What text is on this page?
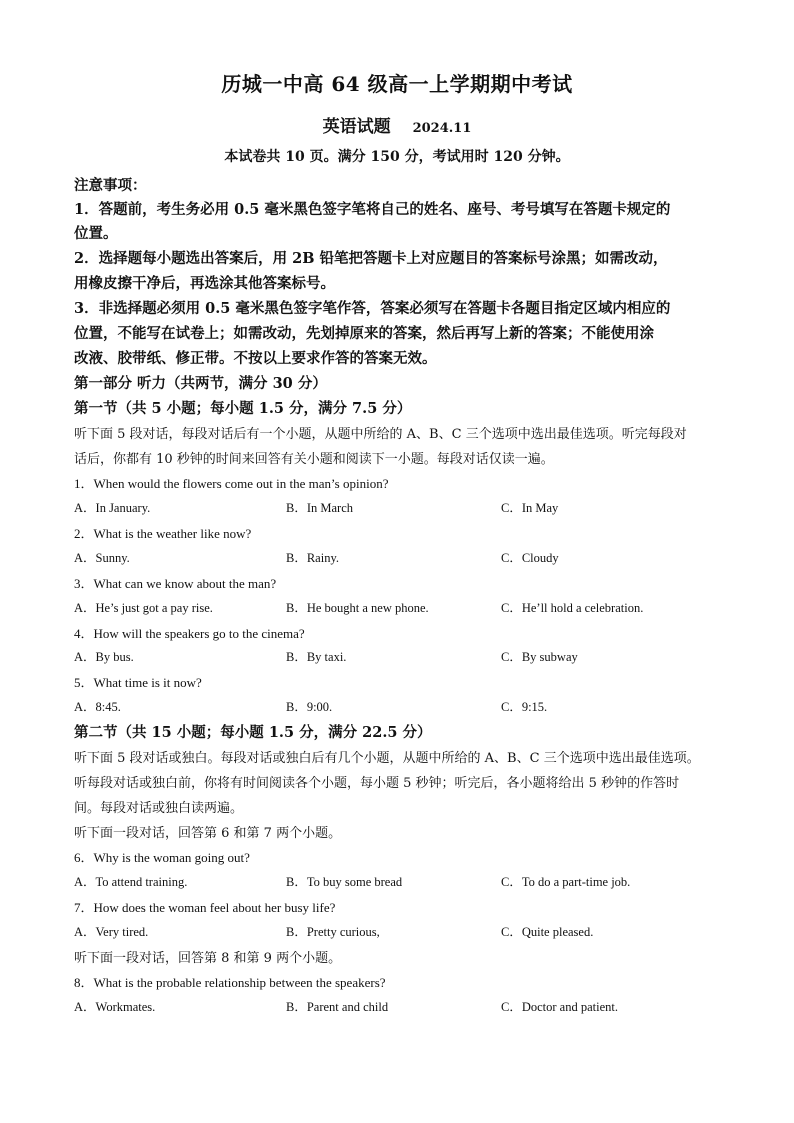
历城一中高 64 级高一上学期期中考试
英语试题 2024.11
本试卷共 10 页。满分 150 分，考试用时 120 分钟。
注意事项：
1．答题前，考生务必用 0.5 毫米黑色签字笔将自己的姓名、座号、考号填写在答题卡规定的
位置。
2．选择题每小题选出答案后，用 2B 铅笔把答题卡上对应题目的答案标号涂黑；如需改动，
用橡皮擦干净后，再选涂其他答案标号。
3．非选择题必须用 0.5 毫米黑色签字笔作答，答案必须写在答题卡各题目指定区域内相应的
位置，不能写在试卷上；如需改动，先划掉原来的答案，然后再写上新的答案；不能使用涂
改液、胶带纸、修正带。不按以上要求作答的答案无效。
第一部分 听力（共两节，满分 30 分）
第一节（共 5 小题；每小题 1.5 分，满分 7.5 分）
听下面 5 段对话，每段对话后有一个小题，从题中所给的 A、B、C 三个选项中选出最佳选项。听完每段对
话后，你都有 10 秒钟的时间来回答有关小题和阅读下一小题。每段对话仅读一遍。
1．When would the flowers come out in the man’s opinion?
A．In January.	B．In March	C．In May
2．What is the weather like now?
A．Sunny.	B．Rainy.	C．Cloudy
3．What can we know about the man?
A．He’s just got a pay rise.	B．He bought a new phone.	C．He’ll hold a celebration.
4．How will the speakers go to the cinema?
A．By bus.	B．By taxi.	C．By subway
5．What time is it now?
A．8:45.	B．9:00.	C．9:15.
第二节（共 15 小题；每小题 1.5 分，满分 22.5 分）
听下面 5 段对话或独白。每段对话或独白后有几个小题，从题中所给的 A、B、C 三个选项中选出最佳选项。
听每段对话或独白前，你将有时间阅读各个小题，每小题 5 秒钟；听完后，各小题将给出 5 秒钟的作答时
间。每段对话或独白读两遍。
听下面一段对话，回答第 6 和第 7 两个小题。
6．Why is the woman going out?
A．To attend training.	B．To buy some bread	C．To do a part-time job.
7．How does the woman feel about her busy life?
A．Very tired.	B．Pretty curious,	C．Quite pleased.
听下面一段对话，回答第 8 和第 9 两个小题。
8．What is the probable relationship between the speakers?
A．Workmates.	B．Parent and child	C．Doctor and patient.
